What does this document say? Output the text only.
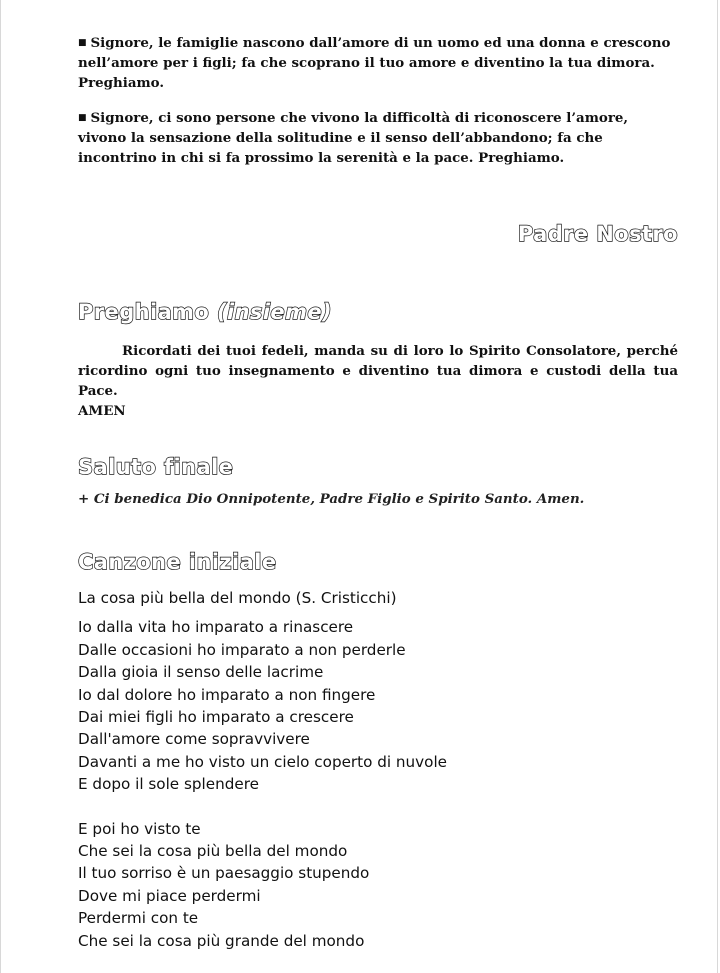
■ Signore, le famiglie nascono dall’amore di un uomo ed una donna e crescono nell’amore per i figli; fa che scoprano il tuo amore e diventino la tua dimora. Preghiamo.

■ Signore, ci sono persone che vivono la difficoltà di riconoscere l’amore, vivono la sensazione della solitudine e il senso dell’abbandono; fa che incontrino in chi si fa prossimo la serenità e la pace. Preghiamo.

Padre Nostro
Preghiamo (insieme)

Ricordati dei tuoi fedeli, manda su di loro lo Spirito Consolatore, perché ricordino ogni tuo insegnamento e diventino tua dimora e custodi della tua Pace.
AMEN

Saluto finale
+ Ci benedica Dio Onnipotente, Padre Figlio e Spirito Santo. Amen.
Canzone iniziale
La cosa più bella del mondo (S. Cristicchi)
Io dalla vita ho imparato a rinascere
Dalle occasioni ho imparato a non perderle
Dalla gioia il senso delle lacrime
Io dal dolore ho imparato a non fingere
Dai miei figli ho imparato a crescere
Dall'amore come sopravvivere
Davanti a me ho visto un cielo coperto di nuvole
E dopo il sole splendere
E poi ho visto te
Che sei la cosa più bella del mondo
Il tuo sorriso è un paesaggio stupendo
Dove mi piace perdermi
Perdermi con te
Che sei la cosa più grande del mondo
